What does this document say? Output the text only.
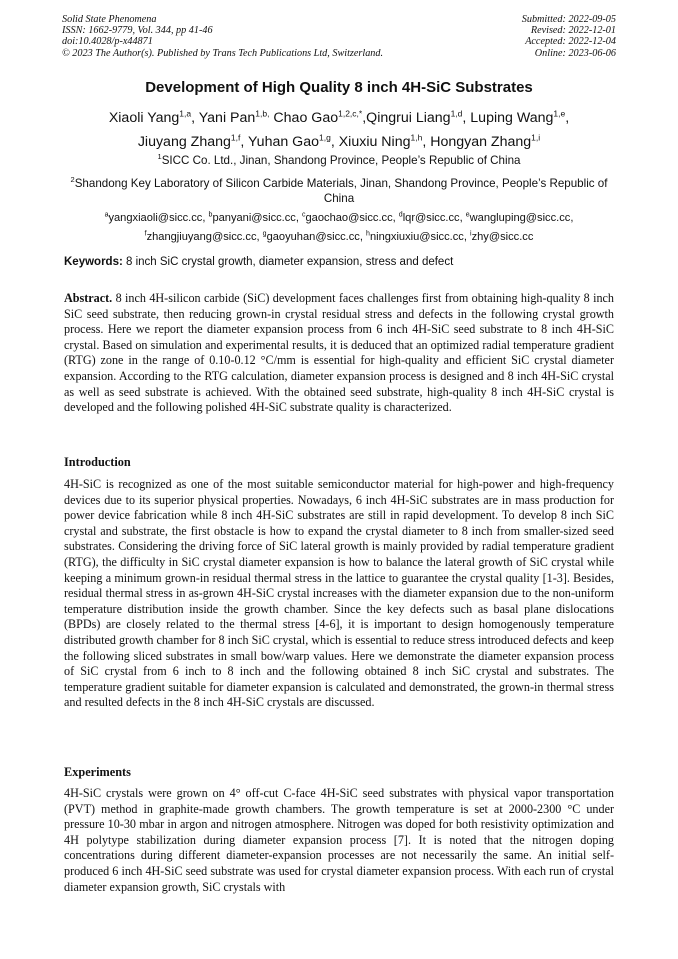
Solid State Phenomena
ISSN: 1662-9779, Vol. 344, pp 41-46
doi:10.4028/p-x44871
© 2023 The Author(s). Published by Trans Tech Publications Ltd, Switzerland.
Submitted: 2022-09-05
Revised: 2022-12-01
Accepted: 2022-12-04
Online: 2023-06-06
Development of High Quality 8 inch 4H-SiC Substrates
Xiaoli Yang$^{1,a}$, Yani Pan$^{1,b,}$ Chao Gao$^{1,2,c,*}$,Qingrui Liang$^{1,d}$, Luping Wang$^{1,e}$,
Jiuyang Zhang$^{1,f}$, Yuhan Gao$^{1,g}$, Xiuxiu Ning$^{1,h}$, Hongyan Zhang$^{1,i}$
$^1$SICC Co. Ltd., Jinan, Shandong Province, People’s Republic of China
$^2$Shandong Key Laboratory of Silicon Carbide Materials, Jinan, Shandong Province, People’s Republic of China
$^a$yangxiaoli@sicc.cc, $^b$panyani@sicc.cc, $^c$gaochao@sicc.cc, $^d$lqr@sicc.cc, $^e$wangluping@sicc.cc,
$^f$zhangjiuyang@sicc.cc, $^g$gaoyuhan@sicc.cc, $^h$ningxiuxiu@sicc.cc, $^i$zhy@sicc.cc
Keywords: 8 inch SiC crystal growth, diameter expansion, stress and defect
Abstract. 8 inch 4H-silicon carbide (SiC) development faces challenges first from obtaining high-quality 8 inch SiC seed substrate, then reducing grown-in crystal residual stress and defects in the following crystal growth process. Here we report the diameter expansion process from 6 inch 4H-SiC seed substrate to 8 inch 4H-SiC crystal. Based on simulation and experimental results, it is deduced that an optimized radial temperature gradient (RTG) zone in the range of 0.10-0.12 °C/mm is essential for high-quality and efficient SiC crystal diameter expansion. According to the RTG calculation, diameter expansion process is designed and 8 inch 4H-SiC crystal as well as seed substrate is achieved. With the obtained seed substrate, high-quality 8 inch 4H-SiC crystal is developed and the following polished 4H-SiC substrate quality is characterized.
Introduction
4H-SiC is recognized as one of the most suitable semiconductor material for high-power and high-frequency devices due to its superior physical properties. Nowadays, 6 inch 4H-SiC substrates are in mass production for power device fabrication while 8 inch 4H-SiC substrates are still in rapid development. To develop 8 inch SiC crystal and substrate, the first obstacle is how to expand the crystal diameter to 8 inch from smaller-sized seed substrates. Considering the driving force of SiC lateral growth is mainly provided by radial temperature gradient (RTG), the difficulty in SiC crystal diameter expansion is how to balance the lateral growth of SiC crystal while keeping a minimum grown-in residual thermal stress in the lattice to guarantee the crystal quality [1-3]. Besides, residual thermal stress in as-grown 4H-SiC crystal increases with the diameter expansion due to the non-uniform temperature distribution inside the growth chamber. Since the key defects such as basal plane dislocations (BPDs) are closely related to the thermal stress [4-6], it is important to design homogenously temperature distributed growth chamber for 8 inch SiC crystal, which is essential to reduce stress introduced defects and keep the following sliced substrates in small bow/warp values. Here we demonstrate the diameter expansion process of SiC crystal from 6 inch to 8 inch and the following obtained 8 inch SiC crystal and substrates. The temperature gradient suitable for diameter expansion is calculated and demonstrated, the grown-in thermal stress and resulted defects in the 8 inch 4H-SiC crystals are discussed.
Experiments
4H-SiC crystals were grown on 4° off-cut C-face 4H-SiC seed substrates with physical vapor transportation (PVT) method in graphite-made growth chambers. The growth temperature is set at 2000-2300 °C under pressure 10-30 mbar in argon and nitrogen atmosphere. Nitrogen was doped for both resistivity optimization and 4H polytype stabilization during diameter expansion process [7]. It is noted that the nitrogen doping concentrations during different diameter-expansion processes are not necessarily the same. An initial self-produced 6 inch 4H-SiC seed substrate was used for crystal diameter expansion process. With each run of crystal diameter expansion growth, SiC crystals with
